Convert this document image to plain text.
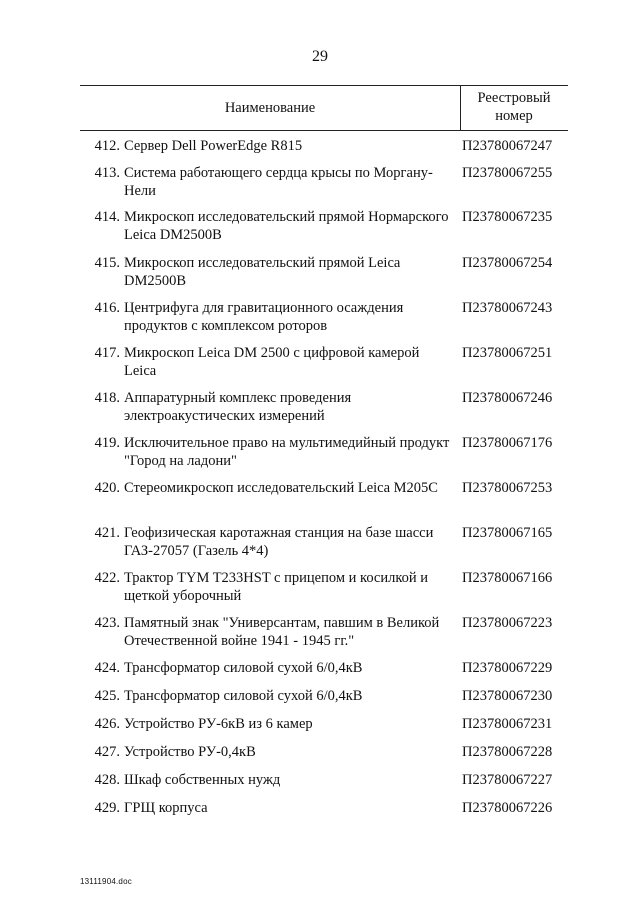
29
Наименование
Реестровый номер
412. Сервер Dell PowerEdge R815	П23780067247
413. Система работающего сердца крысы по Моргану-Нели
П23780067255
414. Микроскоп исследовательский прямой Нормарского Leica DM2500B
П23780067235
415. Микроскоп исследовательский прямой Leica DM2500B
П23780067254
416. Центрифуга для гравитационного осаждения продуктов с комплексом роторов
П23780067243
417. Микроскоп Leica DM 2500 с цифровой камерой Leica
П23780067251
418. Аппаратурный комплекс проведения электроакустических измерений
П23780067246
419. Исключительное право на мультимедийный продукт "Город на ладони"
П23780067176
420. Стереомикроскоп исследовательский Leica M205C	П23780067253
421. Геофизическая каротажная станция на базе шасси ГАЗ-27057 (Газель 4*4)
П23780067165
422. Трактор TYM T233HST с прицепом и косилкой и щеткой уборочный
П23780067166
423. Памятный знак "Универсантам, павшим в Великой Отечественной войне 1941 - 1945 гг."
П23780067223
424. Трансформатор силовой сухой 6/0,4кВ	П23780067229
425. Трансформатор силовой сухой 6/0,4кВ	П23780067230
426. Устройство РУ-6кВ из 6 камер	П23780067231
427. Устройство РУ-0,4кВ	П23780067228
428. Шкаф собственных нужд	П23780067227
429. ГРЩ корпуса	П23780067226
13111904.doc
